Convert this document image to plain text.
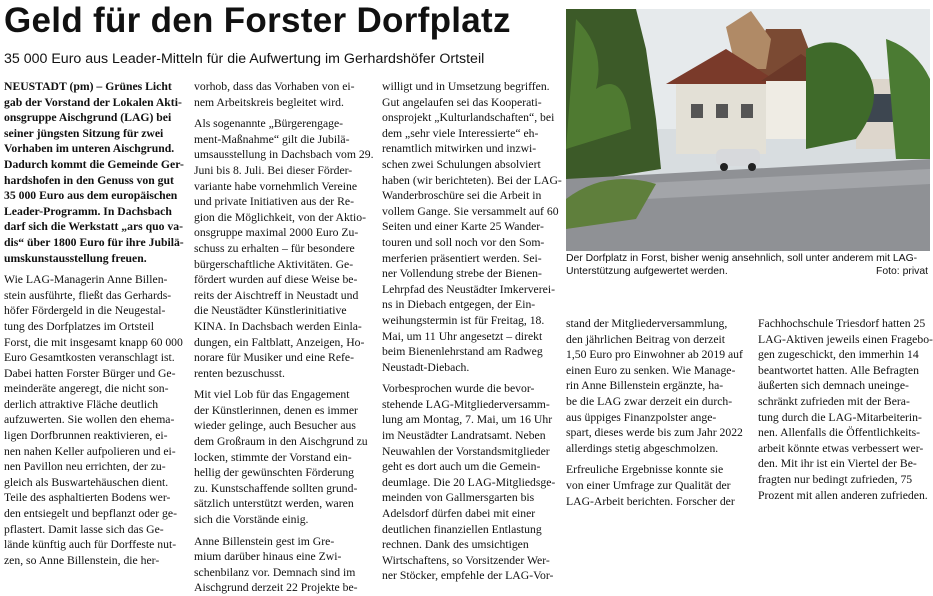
Geld für den Forster Dorfplatz
35 000 Euro aus Leader-Mitteln für die Aufwertung im Gerhardshöfer Ortsteil

NEUSTADT (pm) – Grünes Licht

gab der Vorstand der Lokalen Akti-

onsgruppe Aischgrund (LAG) bei

seiner jüngsten Sitzung für zwei

Vorhaben im unteren Aischgrund.

Dadurch kommt die Gemeinde Ger-

hardshofen in den Genuss von gut

35 000 Euro aus dem europäischen

Leader-Programm. In Dachsbach

darf sich die Werkstatt „ars quo va-

dis“ über 1800 Euro für ihre Jubilä-

umskunstausstellung freuen.

Wie LAG-Managerin Anne Billen-

stein ausführte, fließt das Gerhards-

höfer Fördergeld in die Neugestal-

tung des Dorfplatzes im Ortsteil

Forst, die mit insgesamt knapp 60 000

Euro Gesamtkosten veranschlagt ist.

Dabei hatten Forster Bürger und Ge-

meinderäte angeregt, die nicht son-

derlich attraktive Fläche deutlich

aufzuwerten. Sie wollen den ehema-

ligen Dorfbrunnen reaktivieren, ei-

nen nahen Keller aufpolieren und ei-

nen Pavillon neu errichten, der zu-

gleich als Buswartehäuschen dient.

Teile des asphaltierten Bodens wer-

den entsiegelt und bepflanzt oder ge-

pflastert. Damit lasse sich das Ge-

lände künftig auch für Dorffeste nut-

zen, so Anne Billenstein, die her-

vorhob, dass das Vorhaben von ei-

nem Arbeitskreis begleitet wird.

Als sogenannte „Bürgerengage-

ment-Maßnahme“ gilt die Jubilä-

umsausstellung in Dachsbach vom 29.

Juni bis 8. Juli. Bei dieser Förder-

variante habe vornehmlich Vereine

und private Initiativen aus der Re-

gion die Möglichkeit, von der Aktio-

onsgruppe maximal 2000 Euro Zu-

schuss zu erhalten – für besondere

bürgerschaftliche Aktivitäten. Ge-

fördert wurden auf diese Weise be-

reits der Aischtreff in Neustadt und

die Neustädter Künstlerinitiative

KINA. In Dachsbach werden Einla-

dungen, ein Faltblatt, Anzeigen, Ho-

norare für Musiker und eine Refe-

renten bezuschusst.

Mit viel Lob für das Engagement

der Künstlerinnen, denen es immer

wieder gelinge, auch Besucher aus

dem Großraum in den Aischgrund zu

locken, stimmte der Vorstand ein-

hellig der gewünschten Förderung

zu. Kunstschaffende sollten grund-

sätzlich unterstützt werden, waren

sich die Vorstände einig.

Anne Billenstein gest im Gre-

mium darüber hinaus eine Zwi-

schenbilanz vor. Demnach sind im

Aischgrund derzeit 22 Projekte be-

willigt und in Umsetzung begriffen.

Gut angelaufen sei das Kooperati-

onsprojekt „Kulturlandschaften“, bei

dem „sehr viele Interessierte“ eh-

renamtlich mitwirken und inzwi-

schen zwei Schulungen absolviert

haben (wir berichteten). Bei der LAG-

Wanderbroschüre sei die Arbeit in

vollem Gange. Sie versammelt auf 60

Seiten und einer Karte 25 Wander-

touren und soll noch vor den Som-

merferien präsentiert werden. Sei-

ner Vollendung strebe der Bienen-

Lehrpfad des Neustädter Imkerverei-

ns in Diebach entgegen, der Ein-

weihungstermin ist für Freitag, 18.

Mai, um 11 Uhr angesetzt – direkt

beim Bienenlehrstand am Radweg

Neustadt-Diebach.

Vorbesprochen wurde die bevor-

stehende LAG-Mitgliederversamm-

lung am Montag, 7. Mai, um 16 Uhr

im Neustädter Landratsamt. Neben

Neuwahlen der Vorstandsmitglieder

geht es dort auch um die Gemein-

deumlage. Die 20 LAG-Mitgliedsge-

meinden von Gallmersgarten bis

Adelsdorf dürfen dabei mit einer

deutlichen finanziellen Entlastung

rechnen. Dank des umsichtigen

Wirtschaftens, so Vorsitzender Wer-

ner Stöcker, empfehle der LAG-Vor-

stand der Mitgliederversammlung,

den jährlichen Beitrag von derzeit

1,50 Euro pro Einwohner ab 2019 auf

einen Euro zu senken. Wie Manage-

rin Anne Billenstein ergänzte, ha-

be die LAG zwar derzeit ein durch-

aus üppiges Finanzpolster ange-

spart, dieses werde bis zum Jahr 2022

allerdings stetig abgeschmolzen.

Erfreuliche Ergebnisse konnte sie

von einer Umfrage zur Qualität der

LAG-Arbeit berichten. Forscher der

Fachhochschule Triesdorf hatten 25

LAG-Aktiven jeweils einen Fragebo-

gen zugeschickt, den immerhin 14

beantwortet hatten. Alle Befragten

äußerten sich demnach uneinge-

schränkt zufrieden mit der Bera-

tung durch die LAG-Mitarbeiterin-

nen. Allenfalls die Öffentlichkeits-

arbeit könnte etwas verbessert wer-

den. Mit ihr ist ein Viertel der Be-

fragten nur bedingt zufrieden, 75

Prozent mit allen anderen zufrieden.

Der Dorfplatz in Forst, bisher wenig ansehnlich, soll unter anderem mit LAG-

Unterstützung aufgewertet werden.	Foto: privat
